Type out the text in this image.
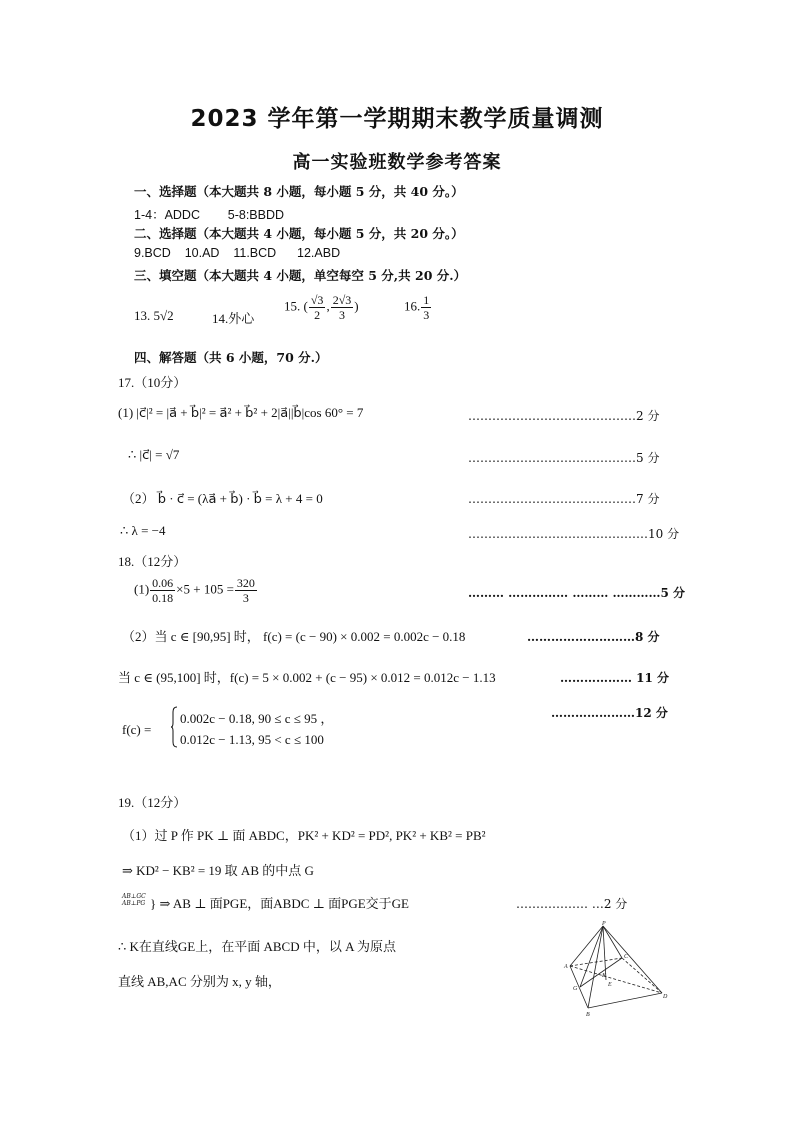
2023 学年第一学期期末教学质量调测
高一实验班数学参考答案
一、选择题（本大题共 8 小题，每小题 5 分，共 40 分。）
1-4：ADDC        5-8:BBDD
二、选择题（本大题共 4 小题，每小题 5 分，共 20 分。）
9.BCD    10.AD    11.BCD      12.ABD
三、填空题（本大题共 4 小题，单空每空 5 分,共 20 分.）
13. 5√2	14.外心
15. ( $\frac{√3}{2}$ , $\frac{2√3}{3}$ )	16. $\frac{1}{3}$
四、解答题（共 6 小题，70 分.）
17.（10分）
(1) |c⃗|² = |a⃗ + b⃗|² = a⃗² + b⃗² + 2|a⃗||b⃗|cos 60° = 7	……………………………………2 分
∴ |c⃗| = √7	……………………………………5 分
（2） b⃗ · c⃗ = (λa⃗ + b⃗) · b⃗ = λ + 4 = 0	……………………………………7 分
∴ λ = −4	………………………………………10 分
18.（12分）
$(1) \frac{0.06}{0.18} \times 5 + 105 = \frac{320}{3}$	……… …………… ……… …………5 分
（2）当 c ∈ [90,95] 时， f(c) = (c − 90) × 0.002 = 0.002c − 0.18	………………………8 分
当 c ∈ (95,100] 时，f(c) = 5 × 0.002 + (c − 95) × 0.012 = 0.012c − 1.13	……………… 11 分
f(c) =
0.002c − 0.18, 90 ≤ c ≤ 95 ，
0.012c − 1.13, 95 < c ≤ 100
…………………12 分
19.（12分）
（1）过 P 作 PK ⊥ 面 ABDC，PK² + KD² = PD², PK² + KB² = PB²
⇒ KD² − KB² = 19 取 AB 的中点 G
AB⊥GC
AB⊥PG } ⇒ AB ⊥ 面PGE，面ABDC ⊥ 面PGE交于GE	……………… …2 分
∴ K在直线GE上，在平面 ABCD 中，以 A 为原点
直线 AB,AC 分别为 x, y 轴，
P
A
C
G
K
E
B
D
